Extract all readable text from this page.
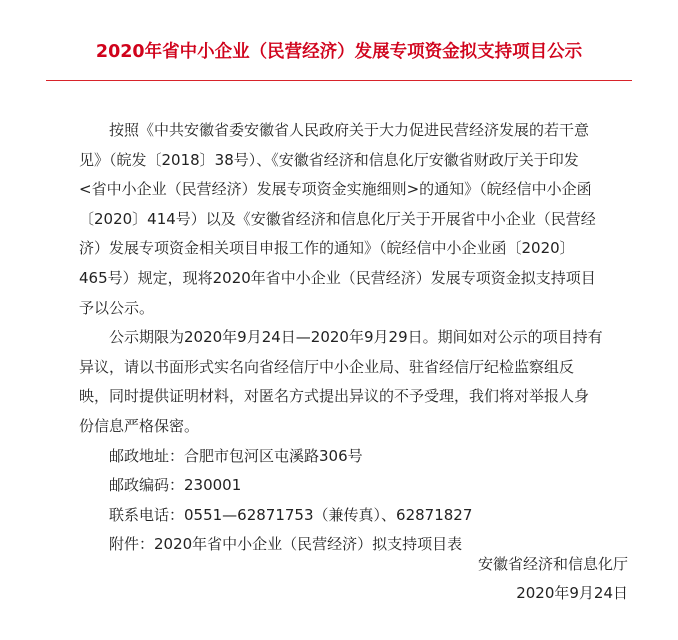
2020年省中小企业（民营经济）发展专项资金拟支持项目公示
按照《中共安徽省委安徽省人民政府关于大力促进民营经济发展的若干意
见》（皖发〔2018〕38号）、《安徽省经济和信息化厅安徽省财政厅关于印发
<省中小企业（民营经济）发展专项资金实施细则>的通知》（皖经信中小企函
〔2020〕414号）以及《安徽省经济和信息化厅关于开展省中小企业（民营经
济）发展专项资金相关项目申报工作的通知》（皖经信中小企业函〔2020〕
465号）规定，现将2020年省中小企业（民营经济）发展专项资金拟支持项目
予以公示。
公示期限为2020年9月24日—2020年9月29日。期间如对公示的项目持有
异议，请以书面形式实名向省经信厅中小企业局、驻省经信厅纪检监察组反
映，同时提供证明材料，对匿名方式提出异议的不予受理，我们将对举报人身
份信息严格保密。
邮政地址：合肥市包河区屯溪路306号
邮政编码：230001
联系电话：0551—62871753（兼传真）、62871827
附件：2020年省中小企业（民营经济）拟支持项目表
安徽省经济和信息化厅
2020年9月24日
